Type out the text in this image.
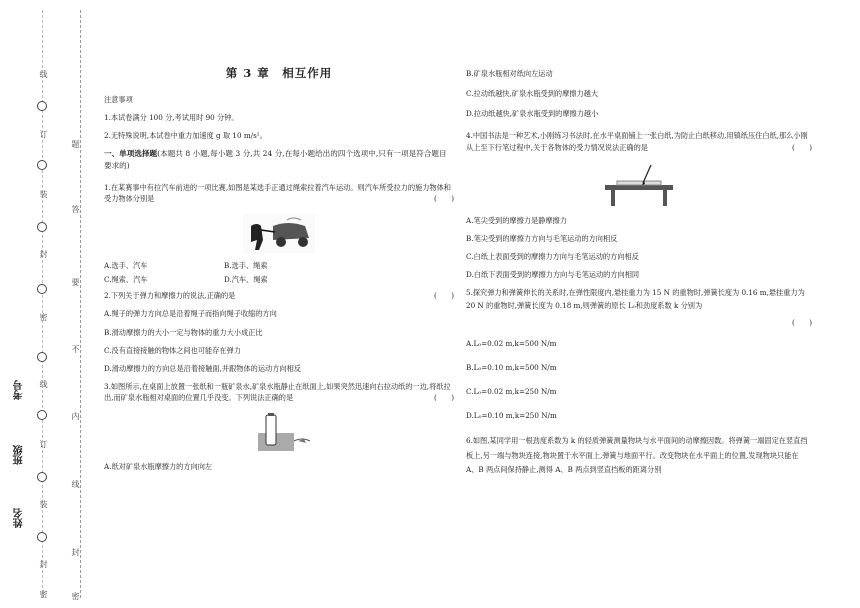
线
订
装
封
密
线
订
装
封
密
题
答
要
不
内
线
封
密
考号
班级
姓名
第 3 章　相互作用
注意事项
1.本试卷满分 100 分,考试用时 90 分钟。
2.无特殊说明,本试卷中重力加速度 g 取 10 m/s²。
一、单项选择题(本题共 8 小题,每小题 3 分,共 24 分,在每小题给出的四个选项中,只有一项是符合题目要求的)
1.在某赛事中有拉汽车前进的一项比赛,如图是某选手正通过绳索拉着汽车运动。则汽车所受拉力的施力物体和受力物体分别是	(　　)
A.选手、汽车	B.选手、绳索
C.绳索、汽车	D.汽车、绳索
2.下列关于弹力和摩擦力的说法,正确的是	(　　)
A.绳子的弹力方向总是沿着绳子而指向绳子收缩的方向
B.滑动摩擦力的大小一定与物体的重力大小成正比
C.没有直接接触的物体之间也可能存在弹力
D.滑动摩擦力的方向总是沿着接触面,并跟物体的运动方向相反
3.如图所示,在桌面上放置一张纸和一瓶矿泉水,矿泉水瓶静止在纸面上,如果突然迅速向右拉动纸的一边,将纸拉出,而矿泉水瓶相对桌面的位置几乎没变。下列说法正确的是	(　　)
A.纸对矿泉水瓶摩擦力的方向向左
B.矿泉水瓶相对纸向左运动
C.拉动纸越快,矿泉水瓶受到的摩擦力越大
D.拉动纸越快,矿泉水瓶受到的摩擦力越小
4.中国书法是一种艺术,小刚练习书法时,在水平桌面铺上一张白纸,为防止白纸移动,用镇纸压住白纸,那么小刚从上至下行笔过程中,关于各物体的受力情况说法正确的是	(　　)
A.笔尖受到的摩擦力是静摩擦力
B.笔尖受到的摩擦力方向与毛笔运动的方向相反
C.白纸上表面受到的摩擦力方向与毛笔运动的方向相反
D.白纸下表面受到的摩擦力方向与毛笔运动的方向相同
5.探究弹力和弹簧伸长的关系时,在弹性限度内,悬挂重力为 15 N 的重物时,弹簧长度为 0.16 m,悬挂重力为 20 N 的重物时,弹簧长度为 0.18 m,则弹簧的原长 L₀和劲度系数 k 分别为
(　　)
A.L₀=0.02 m,k=500 N/m
B.L₀=0.10 m,k=500 N/m
C.L₀=0.02 m,k=250 N/m
D.L₀=0.10 m,k=250 N/m
6.如图,某同学用一根劲度系数为 k 的轻质弹簧测量物块与水平面间的动摩擦因数。将弹簧一端固定在竖直挡板上,另一端与物块连接,物块置于水平面上,弹簧与地面平行。改变物块在水平面上的位置,发现物块只能在 A、B 两点间保持静止,测得 A、B 两点到竖直挡板的距离分别
